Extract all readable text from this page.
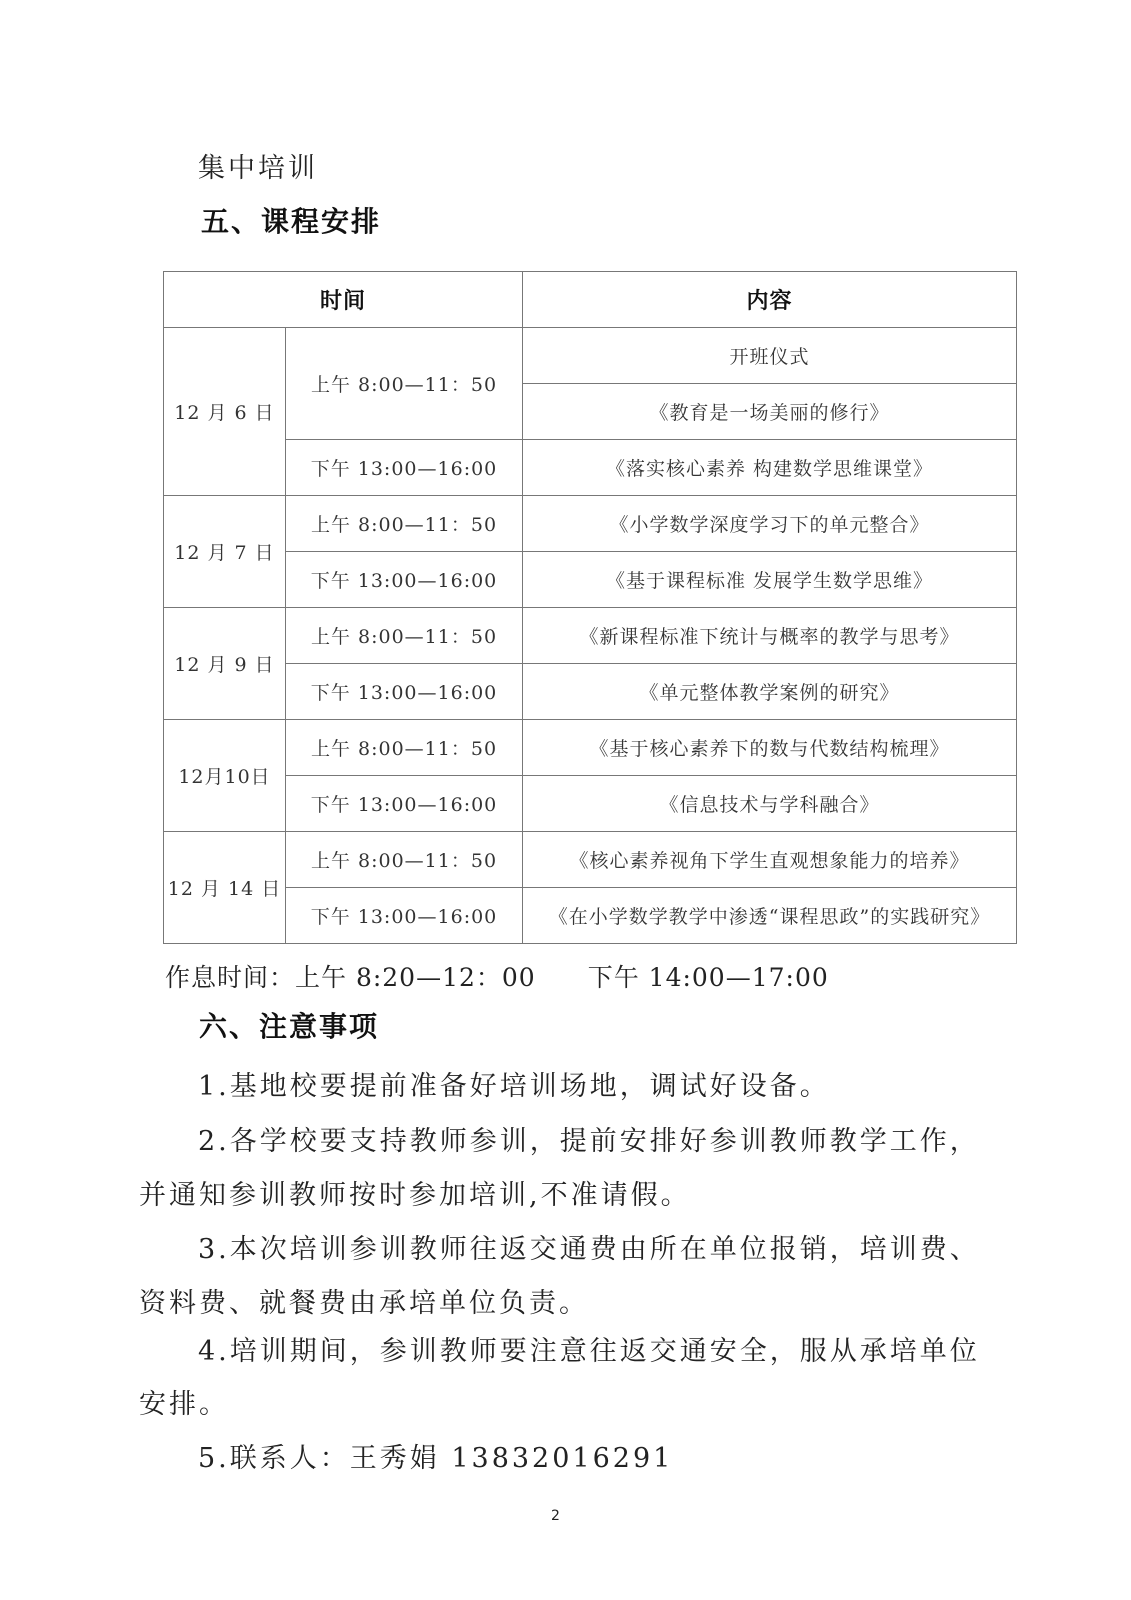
集中培训
五、课程安排
时间		内容
12 月 6 日	上午 8:00—11：50	开班仪式
		《教育是一场美丽的修行》
	下午 13:00—16:00	《落实核心素养 构建数学思维课堂》
12 月 7 日	上午 8:00—11：50	《小学数学深度学习下的单元整合》
	下午 13:00—16:00	《基于课程标准 发展学生数学思维》
12 月 9 日	上午 8:00—11：50	《新课程标准下统计与概率的教学与思考》
	下午 13:00—16:00	《单元整体教学案例的研究》
12月10日	上午 8:00—11：50	《基于核心素养下的数与代数结构梳理》
	下午 13:00—16:00	《信息技术与学科融合》
12 月 14 日	上午 8:00—11：50	《核心素养视角下学生直观想象能力的培养》
	下午 13:00—16:00	《在小学数学教学中渗透“课程思政”的实践研究》
作息时间：上午 8:20—12：00 下午 14:00—17:00
六、注意事项
1.基地校要提前准备好培训场地，调试好设备。
2.各学校要支持教师参训，提前安排好参训教师教学工作，
并通知参训教师按时参加培训,不准请假。
3.本次培训参训教师往返交通费由所在单位报销，培训费、
资料费、就餐费由承培单位负责。
4.培训期间，参训教师要注意往返交通安全，服从承培单位
安排。
5.联系人：王秀娟 13832016291
2
